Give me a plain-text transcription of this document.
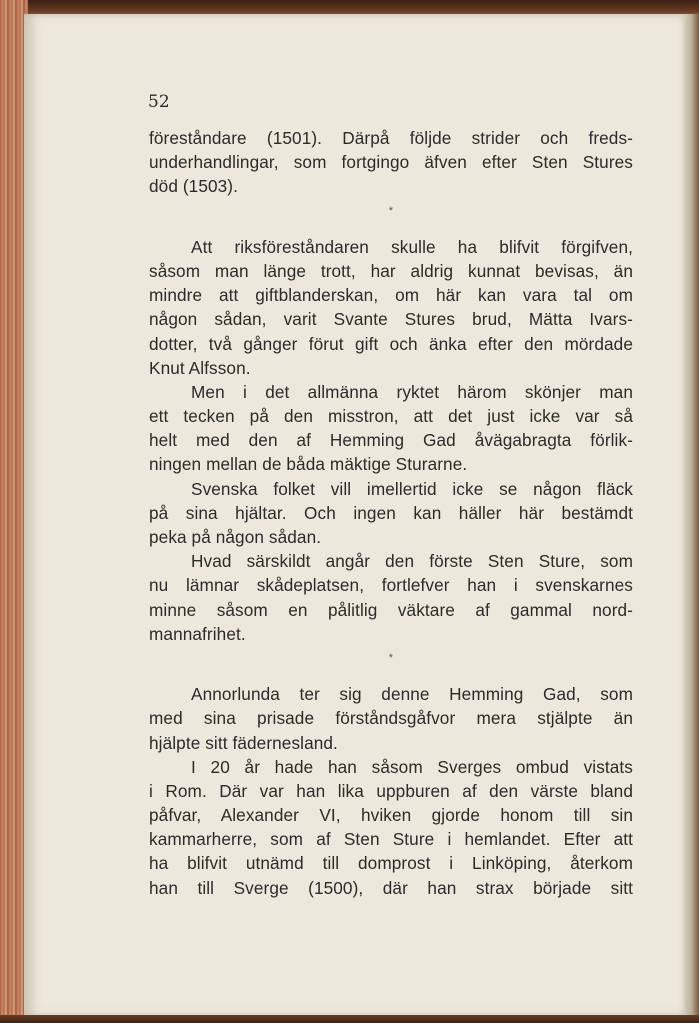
52
föreståndare (1501). Därpå följde strider och freds-
underhandlingar, som fortgingo äfven efter Sten Stures
död (1503).
*
Att riksföreståndaren skulle ha blifvit förgifven,
såsom man länge trott, har aldrig kunnat bevisas, än
mindre att giftblanderskan, om här kan vara tal om
någon sådan, varit Svante Stures brud, Mätta Ivars-
dotter, två gånger förut gift och änka efter den mördade
Knut Alfsson.
Men i det allmänna ryktet härom skönjer man
ett tecken på den misstron, att det just icke var så
helt med den af Hemming Gad åvägabragta förlik-
ningen mellan de båda mäktige Sturarne.
Svenska folket vill imellertid icke se någon fläck
på sina hjältar. Och ingen kan häller här bestämdt
peka på någon sådan.
Hvad särskildt angår den förste Sten Sture, som
nu lämnar skådeplatsen, fortlefver han i svenskarnes
minne såsom en pålitlig väktare af gammal nord-
mannafrihet.
*
Annorlunda ter sig denne Hemming Gad, som
med sina prisade förståndsgåfvor mera stjälpte än
hjälpte sitt fädernesland.
I 20 år hade han såsom Sverges ombud vistats
i Rom. Där var han lika uppburen af den värste bland
påfvar, Alexander VI, hviken gjorde honom till sin
kammarherre, som af Sten Sture i hemlandet. Efter att
ha blifvit utnämd till domprost i Linköping, återkom
han till Sverge (1500), där han strax började sitt
